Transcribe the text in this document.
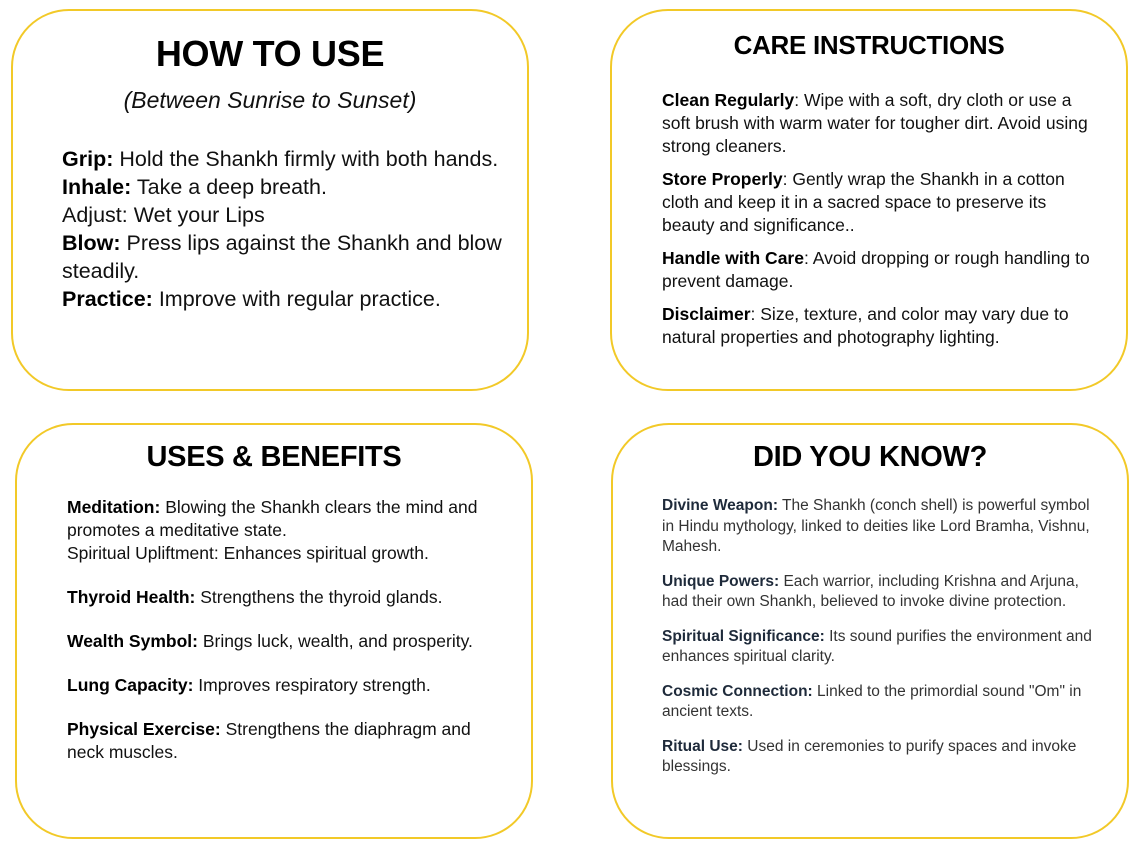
HOW TO USE
(Between Sunrise to Sunset)

Grip: Hold the Shankh firmly with both hands.

Inhale: Take a deep breath.

Adjust: Wet your Lips

Blow: Press lips against the Shankh and blow steadily.

Practice: Improve with regular practice.

CARE INSTRUCTIONS

Clean Regularly: Wipe with a soft, dry cloth or use a soft brush with warm water for tougher dirt. Avoid using strong cleaners.

Store Properly: Gently wrap the Shankh in a cotton cloth and keep it in a sacred space to preserve its beauty and significance..

Handle with Care: Avoid dropping or rough handling to prevent damage.

Disclaimer: Size, texture, and color may vary due to natural properties and photography lighting.

USES & BENEFITS

Meditation: Blowing the Shankh clears the mind and promotes a meditative state.
Spiritual Upliftment: Enhances spiritual growth.

Thyroid Health: Strengthens the thyroid glands.

Wealth Symbol: Brings luck, wealth, and prosperity.

Lung Capacity: Improves respiratory strength.

Physical Exercise: Strengthens the diaphragm and neck muscles.

DID YOU KNOW?

Divine Weapon: The Shankh (conch shell) is powerful symbol in Hindu mythology, linked to deities like Lord Bramha, Vishnu, Mahesh.

Unique Powers: Each warrior, including Krishna and Arjuna, had their own Shankh, believed to invoke divine protection.

Spiritual Significance: Its sound purifies the environment and enhances spiritual clarity.

Cosmic Connection: Linked to the primordial sound "Om" in ancient texts.

Ritual Use: Used in ceremonies to purify spaces and invoke blessings.
